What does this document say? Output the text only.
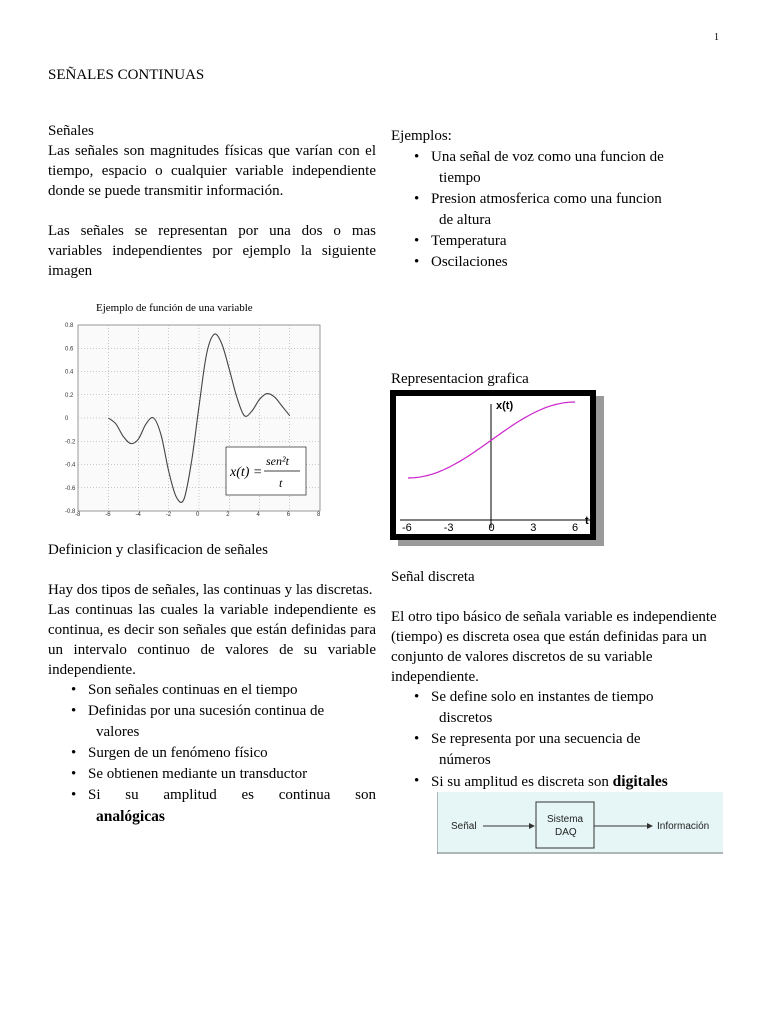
1
SEÑALES CONTINUAS
Señales
Las señales son magnitudes físicas que varían con el tiempo, espacio o cualquier variable independiente donde se puede transmitir información.
Las señales se representan por una dos o mas variables independientes por ejemplo la siguiente imagen
Ejemplo de función de una variable
-8	-6	-4	-2	0	2	4	6	8
0.8
0.6
0.4
0.2
0
-0.2
-0.4
-0.6
-0.8
x(t) =
sen²t
t
Definicion y clasificacion de señales
Hay dos tipos de señales, las continuas y las discretas.
Las continuas las cuales la variable independiente es continua, es decir son señales que están definidas para un intervalo continuo de valores de su variable independiente.
• Son señales continuas en el tiempo
• Definidas por una sucesión continua de
valores
• Surgen de un fenómeno físico
• Se obtienen mediante un transductor
• Si su amplitud es continua son
analógicas
Ejemplos:
• Una señal de voz como una funcion de
tiempo
• Presion atmosferica como una funcion
de altura
• Temperatura
• Oscilaciones
Representacion grafica
x(t)
t
-6	-3	0	3	6
Señal discreta
El otro tipo básico de señala variable es independiente (tiempo) es discreta osea que están definidas para un conjunto de valores discretos de su variable independiente.
• Se define solo en instantes de tiempo
discretos
• Se representa por una secuencia de
números
• Si su amplitud es discreta son digitales
Señal
Sistema
DAQ
Información
